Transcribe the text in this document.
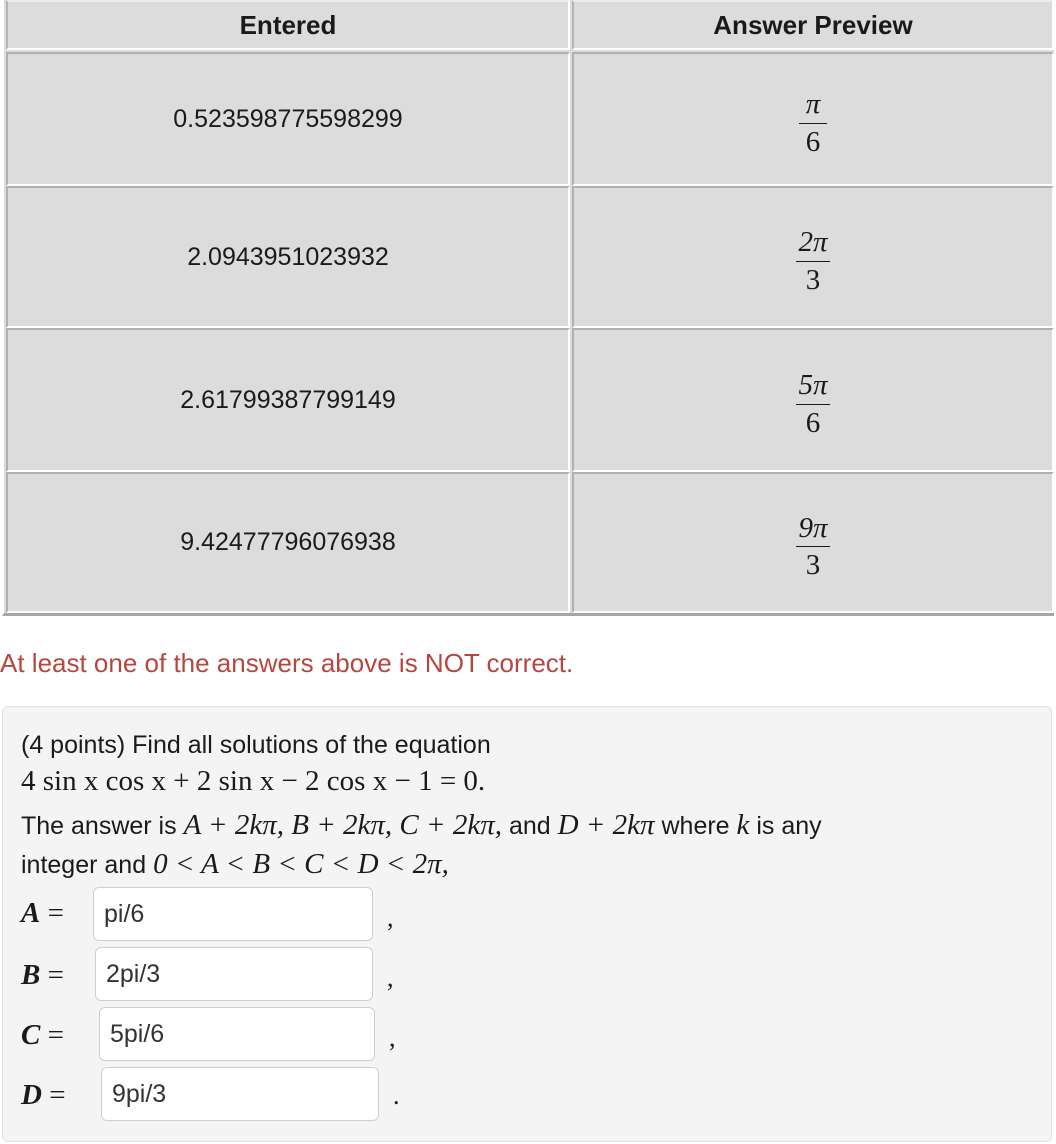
Entered	Answer Preview
0.523598775598299	$\frac{\pi}{6}$
2.0943951023932	$\frac{2\pi}{3}$
2.61799387799149	$\frac{5\pi}{6}$
9.42477796076938	$\frac{9\pi}{3}$
At least one of the answers above is NOT correct.
(4 points) Find all solutions of the equation
4 sin x cos x + 2 sin x − 2 cos x − 1 = 0.
The answer is A + 2kπ, B + 2kπ, C + 2kπ, and D + 2kπ where k is any
integer and 0 < A < B < C < D < 2π,
A =	pi/6	,
B =	2pi/3	,
C =	5pi/6	,
D =	9pi/3	.
